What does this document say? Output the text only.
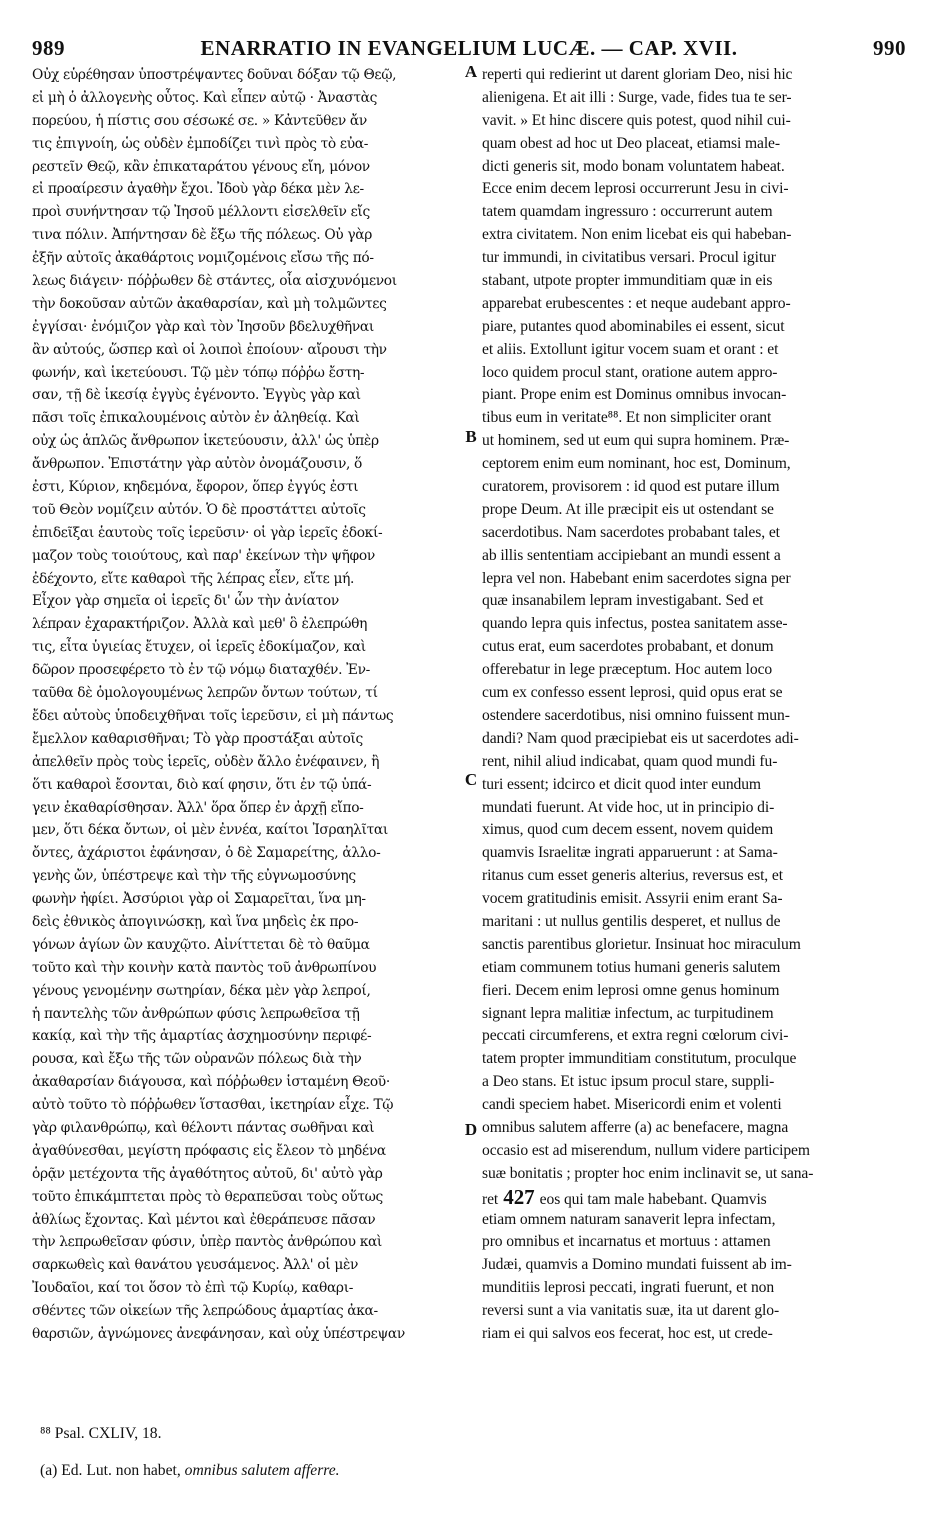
989	ENARRATIO IN EVANGELIUM LUCÆ. — CAP. XVII.	990
Οὐχ εὑρέθησαν ὑποστρέψαντες δοῦναι δόξαν τῷ Θεῷ,
εἰ μὴ ὁ ἀλλογενὴς οὗτος. Καὶ εἶπεν αὐτῷ · Ἀναστὰς
πορεύου, ἡ πίστις σου σέσωκέ σε. » Κἀντεῦθεν ἄν
τις ἐπιγνοίη, ὡς οὐδὲν ἐμποδίζει τινὶ πρὸς τὸ εὐα-
ρεστεῖν Θεῷ, κἂν ἐπικαταράτου γένους εἴη, μόνον
εἰ προαίρεσιν ἀγαθὴν ἔχοι. Ἰδοὺ γὰρ δέκα μὲν λε-
προὶ συνήντησαν τῷ Ἰησοῦ μέλλοντι εἰσελθεῖν εἴς
τινα πόλιν. Ἀπήντησαν δὲ ἔξω τῆς πόλεως. Οὐ γὰρ
ἐξῆν αὐτοῖς ἀκαθάρτοις νομιζομένοις εἴσω τῆς πό-
λεως διάγειν· πόῤῥωθεν δὲ στάντες, οἷα αἰσχυνόμενοι
τὴν δοκοῦσαν αὐτῶν ἀκαθαρσίαν, καὶ μὴ τολμῶντες
ἐγγίσαι· ἐνόμιζον γὰρ καὶ τὸν Ἰησοῦν βδελυχθῆναι
ἂν αὐτούς, ὥσπερ καὶ οἱ λοιποὶ ἐποίουν· αἴρουσι τὴν
φωνήν, καὶ ἱκετεύουσι. Τῷ μὲν τόπῳ πόῤῥω ἔστη-
σαν, τῇ δὲ ἱκεσίᾳ ἐγγὺς ἐγένοντο. Ἐγγὺς γὰρ καὶ
πᾶσι τοῖς ἐπικαλουμένοις αὐτὸν ἐν ἀληθείᾳ. Καὶ
οὐχ ὡς ἁπλῶς ἄνθρωπον ἱκετεύουσιν, ἀλλ' ὡς ὑπὲρ
ἄνθρωπον. Ἐπιστάτην γὰρ αὐτὸν ὀνομάζουσιν, ὅ
ἐστι, Κύριον, κηδεμόνα, ἔφορον, ὅπερ ἐγγύς ἐστι
τοῦ Θεὸν νομίζειν αὐτόν. Ὁ δὲ προστάττει αὐτοῖς
ἐπιδεῖξαι ἑαυτοὺς τοῖς ἱερεῦσιν· οἱ γὰρ ἱερεῖς ἐδοκί-
μαζον τοὺς τοιούτους, καὶ παρ' ἐκείνων τὴν ψῆφον
ἐδέχοντο, εἴτε καθαροὶ τῆς λέπρας εἶεν, εἴτε μή.
Εἶχον γὰρ σημεῖα οἱ ἱερεῖς δι' ὧν τὴν ἀνίατον
λέπραν ἐχαρακτήριζον. Ἀλλὰ καὶ μεθ' ὃ ἐλεπρώθη
τις, εἶτα ὑγιείας ἔτυχεν, οἱ ἱερεῖς ἐδοκίμαζον, καὶ
δῶρον προσεφέρετο τὸ ἐν τῷ νόμῳ διαταχθέν. Ἐν-
ταῦθα δὲ ὁμολογουμένως λεπρῶν ὄντων τούτων, τί
ἔδει αὐτοὺς ὑποδειχθῆναι τοῖς ἱερεῦσιν, εἰ μὴ πάντως
ἔμελλον καθαρισθῆναι; Τὸ γὰρ προστάξαι αὐτοῖς
ἀπελθεῖν πρὸς τοὺς ἱερεῖς, οὐδὲν ἄλλο ἐνέφαινεν, ἢ
ὅτι καθαροὶ ἔσονται, διὸ καί φησιν, ὅτι ἐν τῷ ὑπά-
γειν ἐκαθαρίσθησαν. Ἀλλ' ὅρα ὅπερ ἐν ἀρχῇ εἴπο-
μεν, ὅτι δέκα ὄντων, οἱ μὲν ἐννέα, καίτοι Ἰσραηλῖται
ὄντες, ἀχάριστοι ἐφάνησαν, ὁ δὲ Σαμαρείτης, ἀλλο-
γενὴς ὤν, ὑπέστρεψε καὶ τὴν τῆς εὐγνωμοσύνης
φωνὴν ἠφίει. Ἀσσύριοι γὰρ οἱ Σαμαρεῖται, ἵνα μη-
δεὶς ἐθνικὸς ἀπογινώσκῃ, καὶ ἵνα μηδεὶς ἐκ προ-
γόνων ἁγίων ὢν καυχῷτο. Αἰνίττεται δὲ τὸ θαῦμα
τοῦτο καὶ τὴν κοινὴν κατὰ παντὸς τοῦ ἀνθρωπίνου
γένους γενομένην σωτηρίαν, δέκα μὲν γὰρ λεπροί,
ἡ παντελὴς τῶν ἀνθρώπων φύσις λεπρωθεῖσα τῇ
κακίᾳ, καὶ τὴν τῆς ἁμαρτίας ἀσχημοσύνην περιφέ-
ρουσα, καὶ ἔξω τῆς τῶν οὐρανῶν πόλεως διὰ τὴν
ἀκαθαρσίαν διάγουσα, καὶ πόῤῥωθεν ἱσταμένη Θεοῦ·
αὐτὸ τοῦτο τὸ πόῤῥωθεν ἵστασθαι, ἱκετηρίαν εἶχε. Τῷ
γὰρ φιλανθρώπῳ, καὶ θέλοντι πάντας σωθῆναι καὶ
ἀγαθύνεσθαι, μεγίστη πρόφασις εἰς ἔλεον τὸ μηδένα
ὁρᾷν μετέχοντα τῆς ἀγαθότητος αὐτοῦ, δι' αὐτὸ γὰρ
τοῦτο ἐπικάμπτεται πρὸς τὸ θεραπεῦσαι τοὺς οὕτως
ἀθλίως ἔχοντας. Καὶ μέντοι καὶ ἐθεράπευσε πᾶσαν
τὴν λεπρωθεῖσαν φύσιν, ὑπὲρ παντὸς ἀνθρώπου καὶ
σαρκωθεὶς καὶ θανάτου γευσάμενος. Ἀλλ' οἱ μὲν
Ἰουδαῖοι, καί τοι ὅσον τὸ ἐπὶ τῷ Κυρίῳ, καθαρι-
σθέντες τῶν οἰκείων τῆς λεπρώδους ἁμαρτίας ἀκα-
θαρσιῶν, ἀγνώμονες ἀνεφάνησαν, καὶ οὐχ ὑπέστρεψαν
reperti qui redierint ut darent gloriam Deo, nisi hic
alienigena. Et ait illi : Surge, vade, fides tua te ser-
vavit. » Et hinc discere quis potest, quod nihil cui-
quam obest ad hoc ut Deo placeat, etiamsi male-
dicti generis sit, modo bonam voluntatem habeat.
Ecce enim decem leprosi occurrerunt Jesu in civi-
tatem quamdam ingressuro : occurrerunt autem
extra civitatem. Non enim licebat eis qui habeban-
tur immundi, in civitatibus versari. Procul igitur
stabant, utpote propter immunditiam quæ in eis
apparebat erubescentes : et neque audebant appro-
piare, putantes quod abominabiles ei essent, sicut
et aliis. Extollunt igitur vocem suam et orant : et
loco quidem procul stant, oratione autem appro-
piant. Prope enim est Dominus omnibus invocan-
tibus eum in veritate⁸⁸. Et non simpliciter orant
ut hominem, sed ut eum qui supra hominem. Præ-
ceptorem enim eum nominant, hoc est, Dominum,
curatorem, provisorem : id quod est putare illum
prope Deum. At ille præcipit eis ut ostendant se
sacerdotibus. Nam sacerdotes probabant tales, et
ab illis sententiam accipiebant an mundi essent a
lepra vel non. Habebant enim sacerdotes signa per
quæ insanabilem lepram investigabant. Sed et
quando lepra quis infectus, postea sanitatem asse-
cutus erat, eum sacerdotes probabant, et donum
offerebatur in lege præceptum. Hoc autem loco
cum ex confesso essent leprosi, quid opus erat se
ostendere sacerdotibus, nisi omnino fuissent mun-
dandi? Nam quod præcipiebat eis ut sacerdotes adi-
rent, nihil aliud indicabat, quam quod mundi fu-
turi essent; idcirco et dicit quod inter eundum
mundati fuerunt. At vide hoc, ut in principio di-
ximus, quod cum decem essent, novem quidem
quamvis Israelitæ ingrati apparuerunt : at Sama-
ritanus cum esset generis alterius, reversus est, et
vocem gratitudinis emisit. Assyrii enim erant Sa-
maritani : ut nullus gentilis desperet, et nullus de
sanctis parentibus glorietur. Insinuat hoc miraculum
etiam communem totius humani generis salutem
fieri. Decem enim leprosi omne genus hominum
signant lepra malitiæ infectum, ac turpitudinem
peccati circumferens, et extra regni cœlorum civi-
tatem propter immunditiam constitutum, proculque
a Deo stans. Et istuc ipsum procul stare, suppli-
candi speciem habet. Misericordi enim et volenti
omnibus salutem afferre (a) ac benefacere, magna
occasio est ad miserendum, nullum videre participem
suæ bonitatis ; propter hoc enim inclinavit se, ut sana-
ret 427 eos qui tam male habebant. Quamvis
etiam omnem naturam sanaverit lepra infectam,
pro omnibus et incarnatus et mortuus : attamen
Judæi, quamvis a Domino mundati fuissent ab im-
munditiis leprosi peccati, ingrati fuerunt, et non
reversi sunt a via vanitatis suæ, ita ut darent glo-
riam ei qui salvos eos fecerat, hoc est, ut crede-
A
B
C
D
⁸⁸ Psal. CXLIV, 18.
(a) Ed. Lut. non habet, omnibus salutem afferre.
